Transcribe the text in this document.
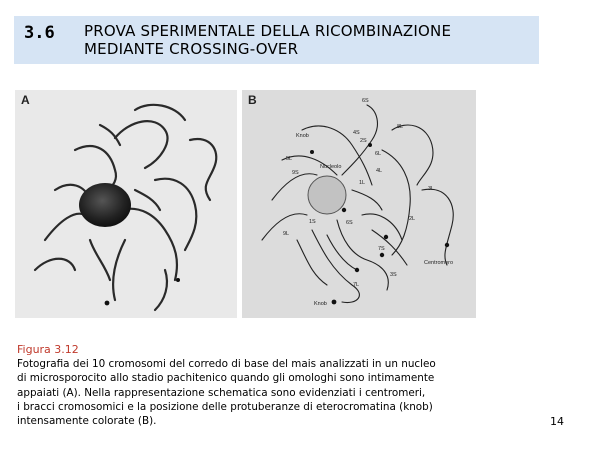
3.6 PROVA SPERIMENTALE DELLA RICOMBINAZIONE
MEDIANTE CROSSING-OVER
A	B	6S
Knob	4S
8L
2S
5L
6L
Nucleolo
9S	4L
1L
1S
9L
6S
3L
7S
2L
3S
Centromero
7L
Knob
Figura 3.12
Fotografia dei 10 cromosomi del corredo di base del mais analizzati in un nucleo
di microsporocito allo stadio pachitenico quando gli omologhi sono intimamente
appaiati (A). Nella rappresentazione schematica sono evidenziati i centromeri,
i bracci cromosomici e la posizione delle protuberanze di eterocromatina (knob)
intensamente colorate (B).	14
